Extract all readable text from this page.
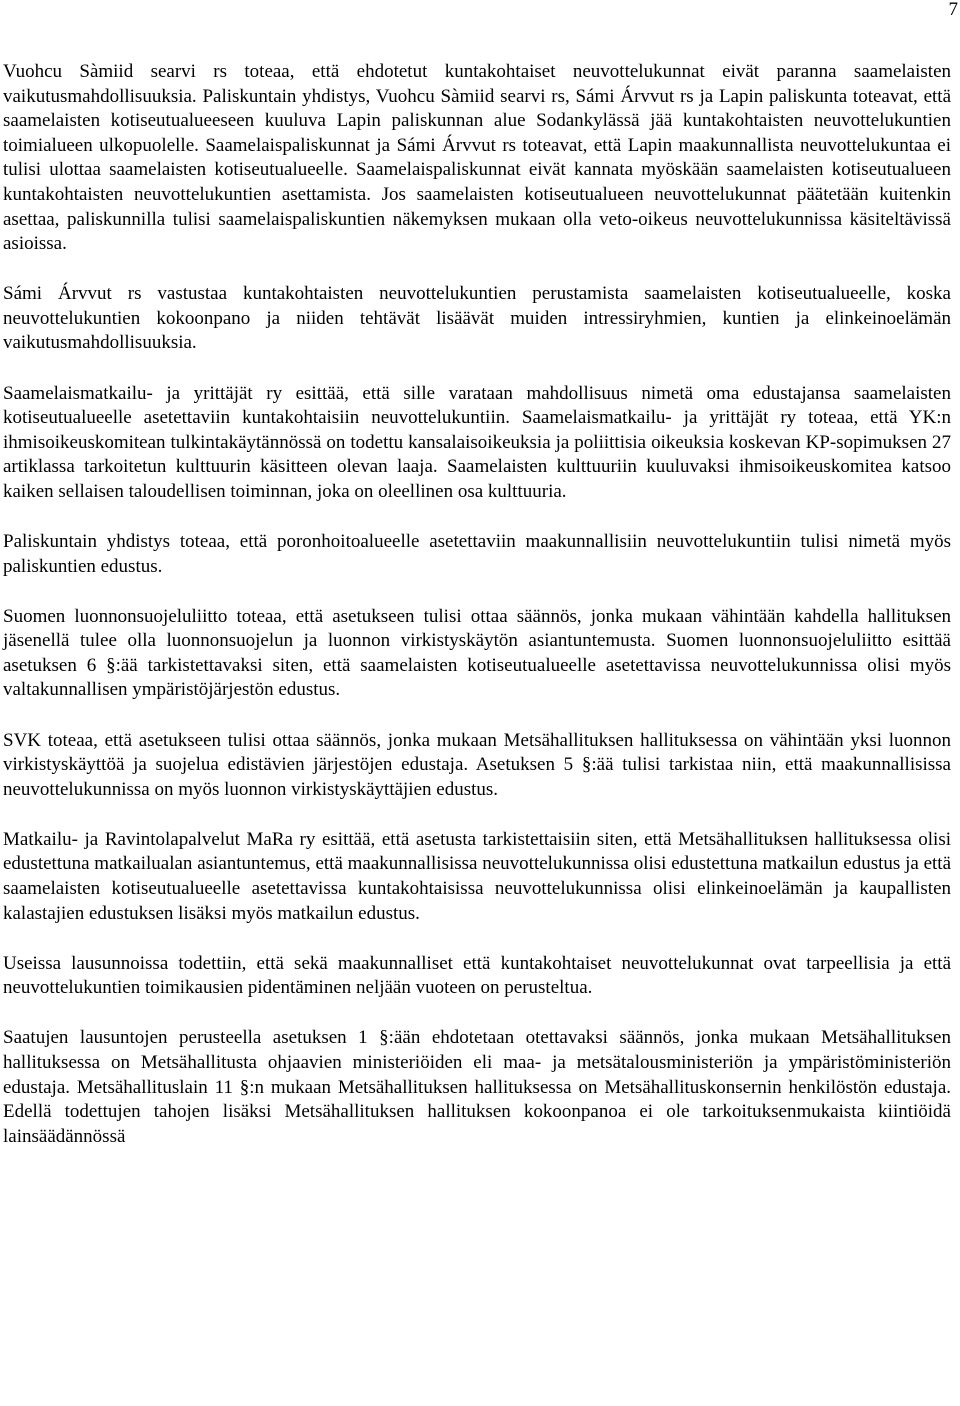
7

Vuohcu Sàmiid searvi rs toteaa, että ehdotetut kuntakohtaiset neuvottelukunnat eivät paranna saamelaisten vaikutusmahdollisuuksia. Paliskuntain yhdistys, Vuohcu Sàmiid searvi rs, Sámi Árvvut rs ja Lapin paliskunta toteavat, että saamelaisten kotiseutualueeseen kuuluva Lapin paliskunnan alue Sodankylässä jää kuntakohtaisten neuvottelukuntien toimialueen ulkopuolelle. Saamelaispaliskunnat ja Sámi Árvvut rs toteavat, että Lapin maakunnallista neuvottelukuntaa ei tulisi ulottaa saamelaisten kotiseutualueelle. Saamelaispaliskunnat eivät kannata myöskään saamelaisten kotiseutualueen kuntakohtaisten neuvottelukuntien asettamista. Jos saamelaisten kotiseutualueen neuvottelukunnat päätetään kuitenkin asettaa, paliskunnilla tulisi saamelaispaliskuntien näkemyksen mukaan olla veto-oikeus neuvottelukunnissa käsiteltävissä asioissa.

Sámi Árvvut rs vastustaa kuntakohtaisten neuvottelukuntien perustamista saamelaisten kotiseutualueelle, koska neuvottelukuntien kokoonpano ja niiden tehtävät lisäävät muiden intressiryhmien, kuntien ja elinkeinoelämän vaikutusmahdollisuuksia.

Saamelaismatkailu- ja yrittäjät ry esittää, että sille varataan mahdollisuus nimetä oma edustajansa saamelaisten kotiseutualueelle asetettaviin kuntakohtaisiin neuvottelukuntiin. Saamelaismatkailu- ja yrittäjät ry toteaa, että YK:n ihmisoikeuskomitean tulkintakäytännössä on todettu kansalaisoikeuksia ja poliittisia oikeuksia koskevan KP-sopimuksen 27 artiklassa tarkoitetun kulttuurin käsitteen olevan laaja. Saamelaisten kulttuuriin kuuluvaksi ihmisoikeuskomitea katsoo kaiken sellaisen taloudellisen toiminnan, joka on oleellinen osa kulttuuria.

Paliskuntain yhdistys toteaa, että poronhoitoalueelle asetettaviin maakunnallisiin neuvottelukuntiin tulisi nimetä myös paliskuntien edustus.

Suomen luonnonsuojeluliitto toteaa, että asetukseen tulisi ottaa säännös, jonka mukaan vähintään kahdella hallituksen jäsenellä tulee olla luonnonsuojelun ja luonnon virkistyskäytön asiantuntemusta. Suomen luonnonsuojeluliitto esittää asetuksen 6 §:ää tarkistettavaksi siten, että saamelaisten kotiseutualueelle asetettavissa neuvottelukunnissa olisi myös valtakunnallisen ympäristöjärjestön edustus.

SVK toteaa, että asetukseen tulisi ottaa säännös, jonka mukaan Metsähallituksen hallituksessa on vähintään yksi luonnon virkistyskäyttöä ja suojelua edistävien järjestöjen edustaja. Asetuksen 5 §:ää tulisi tarkistaa niin, että maakunnallisissa neuvottelukunnissa on myös luonnon virkistyskäyttäjien edustus.

Matkailu- ja Ravintolapalvelut MaRa ry esittää, että asetusta tarkistettaisiin siten, että Metsähallituksen hallituksessa olisi edustettuna matkailualan asiantuntemus, että maakunnallisissa neuvottelukunnissa olisi edustettuna matkailun edustus ja että saamelaisten kotiseutualueelle asetettavissa kuntakohtaisissa neuvottelukunnissa olisi elinkeinoelämän ja kaupallisten kalastajien edustuksen lisäksi myös matkailun edustus.

Useissa lausunnoissa todettiin, että sekä maakunnalliset että kuntakohtaiset neuvottelukunnat ovat tarpeellisia ja että neuvottelukuntien toimikausien pidentäminen neljään vuoteen on perusteltua.

Saatujen lausuntojen perusteella asetuksen 1 §:ään ehdotetaan otettavaksi säännös, jonka mukaan Metsähallituksen hallituksessa on Metsähallitusta ohjaavien ministeriöiden eli maa- ja metsätalousministeriön ja ympäristöministeriön edustaja. Metsähallituslain 11 §:n mukaan Metsähallituksen hallituksessa on Metsähallituskonsernin henkilöstön edustaja. Edellä todettujen tahojen lisäksi Metsähallituksen hallituksen kokoonpanoa ei ole tarkoituksenmukaista kiintiöidä lainsäädännössä
